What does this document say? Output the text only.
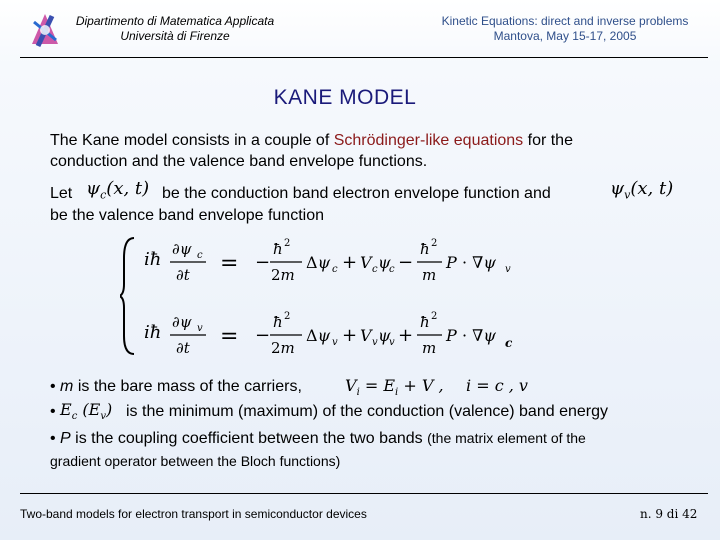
Dipartimento di Matematica Applicata
Università di Firenze
Kinetic Equations: direct and inverse problems
Mantova, May 15-17, 2005
KANE MODEL
The Kane model consists in a couple of Schrödinger-like equations for the
conduction and the valence band envelope functions.
Let $\psi_c(x$, t) be the conduction band electron envelope function and	$\psi_v(x$, t)
be the valence band envelope function
iħ ∂ψ c
∂t = −
ħ 2
2m
Δψ c + V c ψ
c −
ħ 2
m
P · ∇ψ v
iħ ∂ψ v
∂t = −
ħ 2
2m
Δψ v + V v ψ
v +
ħ 2
m
P · ∇ψ c
• m is the bare mass of the carriers,	$V_i = E_i + V$ , i = c , v
• $E_c$ $(E_v)$ is the minimum (maximum) of the conduction (valence) band energy
• P is the coupling coefficient between the two bands (the matrix element of the
gradient operator between the Bloch functions)
Two-band models for electron transport in semiconductor devices	n. 9 di 42
